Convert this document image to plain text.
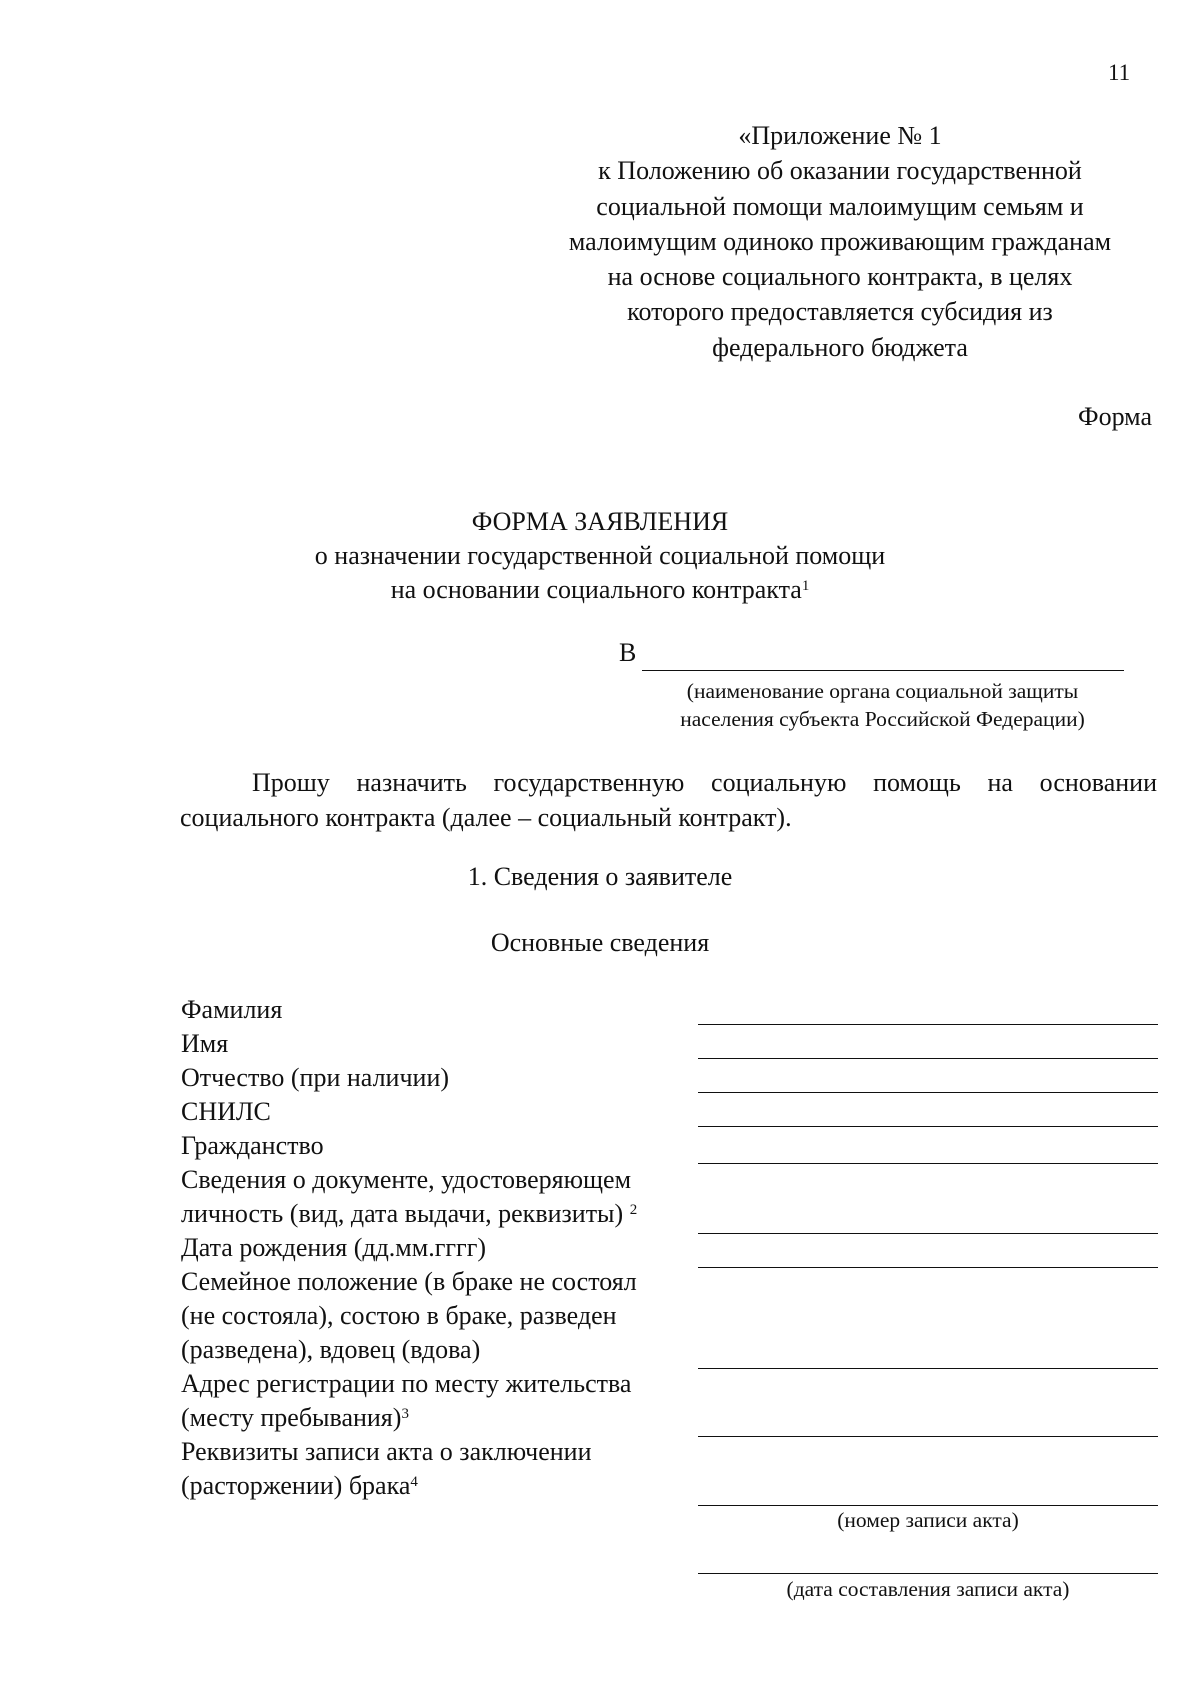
11
«Приложение № 1
к Положению об оказании государственной
социальной помощи малоимущим семьям и
малоимущим одиноко проживающим гражданам
на основе социального контракта, в целях
которого предоставляется субсидия из
федерального бюджета
Форма
ФОРМА ЗАЯВЛЕНИЯ
о назначении государственной социальной помощи
на основании социального контракта$^1$
В
(наименование органа социальной защиты
населения субъекта Российской Федерации)
Прошу назначить государственную социальную помощь на основании социального контракта (далее – социальный контракт).
1. Сведения о заявителе
Основные сведения
Фамилия
Имя
Отчество (при наличии)
СНИЛС
Гражданство
Сведения о документе, удостоверяющем
личность (вид, дата выдачи, реквизиты) $^2$
Дата рождения (дд.мм.гггг)
Семейное положение (в браке не состоял
(не состояла), состою в браке, разведен
(разведена), вдовец (вдова)
Адрес регистрации по месту жительства
(месту пребывания)$^3$
Реквизиты записи акта о заключении
(расторжении) брака$^4$
(номер записи акта)
(дата составления записи акта)
